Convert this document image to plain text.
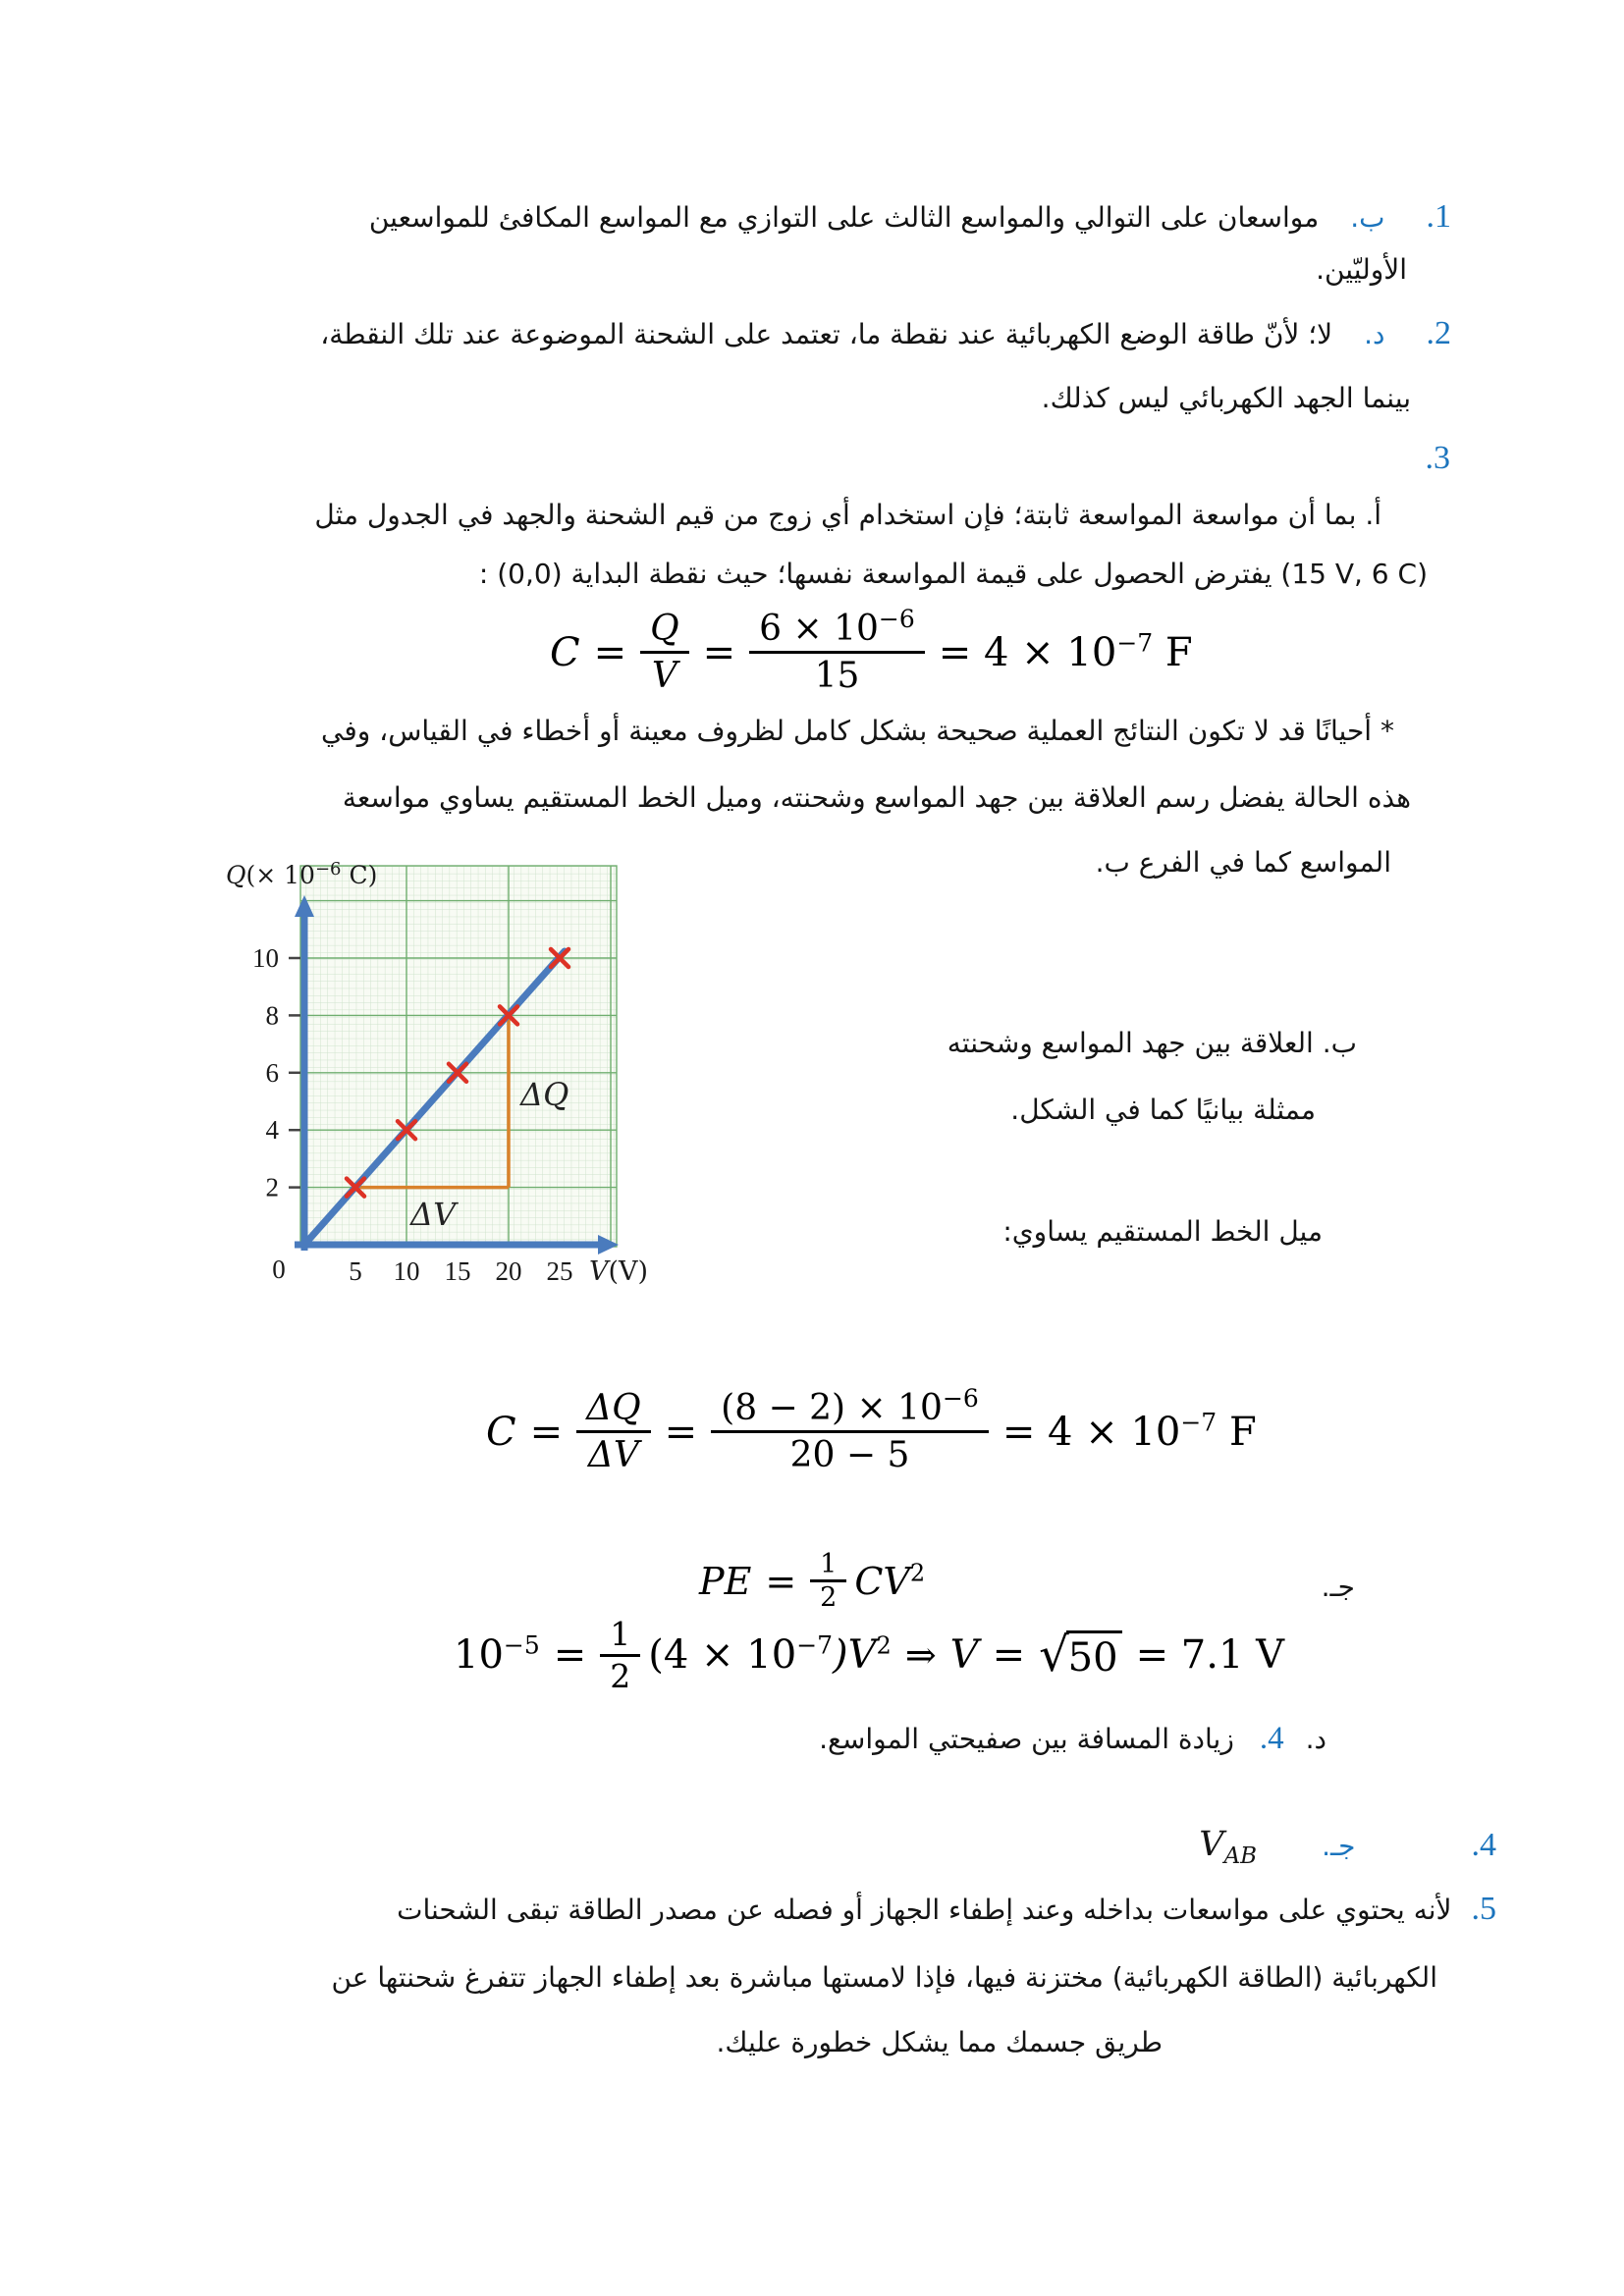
1.ب.مواسعان على التوالي والمواسع الثالث على التوازي مع المواسع المكافئ للمواسعين
الأوليّين.
2.د.لا؛ لأنّ طاقة الوضع الكهربائية عند نقطة ما، تعتمد على الشحنة الموضوعة عند تلك النقطة،
بينما الجهد الكهربائي ليس كذلك.
3.
أ. بما أن مواسعة المواسعة ثابتة؛ فإن استخدام أي زوج من قيم الشحنة والجهد في الجدول مثل
‎(15 V, 6 C)‎ يفترض الحصول على قيمة المواسعة نفسها؛ حيث نقطة البداية ‎(0,0)‎ :
$C = \frac{Q}{V} = \frac{6 \times 10^{-6}}{15} = 4 \times 10^{-7}$ F
* أحيانًا قد لا تكون النتائج العملية صحيحة بشكل كامل لظروف معينة أو أخطاء في القياس، وفي
هذه الحالة يفضل رسم العلاقة بين جهد المواسع وشحنته، وميل الخط المستقيم يساوي مواسعة
المواسع كما في الفرع ب.
2
4
6
8
10
5 10 15 20 25
0	V(V)
$Q(\times 10^{-6}$ C)
ΔQ
ΔV
ب. العلاقة بين جهد المواسع وشحنته
ممثلة بيانيًا كما في الشكل.
ميل الخط المستقيم يساوي:
$C = \frac{\Delta Q}{\Delta V} = \frac{(8 - 2) \times 10^{-6}}{20 - 5} = 4 \times 10^{-7}$ F
جـ.
PE = $\frac{1}{2} CV^2$
$10^{-5} = \frac{1}{2} (4 \times 10^{-7})V^2$ ⇒ V = √50 = 7.1 V
د.4.زيادة المسافة بين صفيحتي المواسع.
$4.جـ.V_{AB}$
5.لأنه يحتوي على مواسعات بداخله وعند إطفاء الجهاز أو فصله عن مصدر الطاقة تبقى الشحنات
الكهربائية (الطاقة الكهربائية) مختزنة فيها، فإذا لامستها مباشرة بعد إطفاء الجهاز تتفرغ شحنتها عن
طريق جسمك مما يشكل خطورة عليك.
